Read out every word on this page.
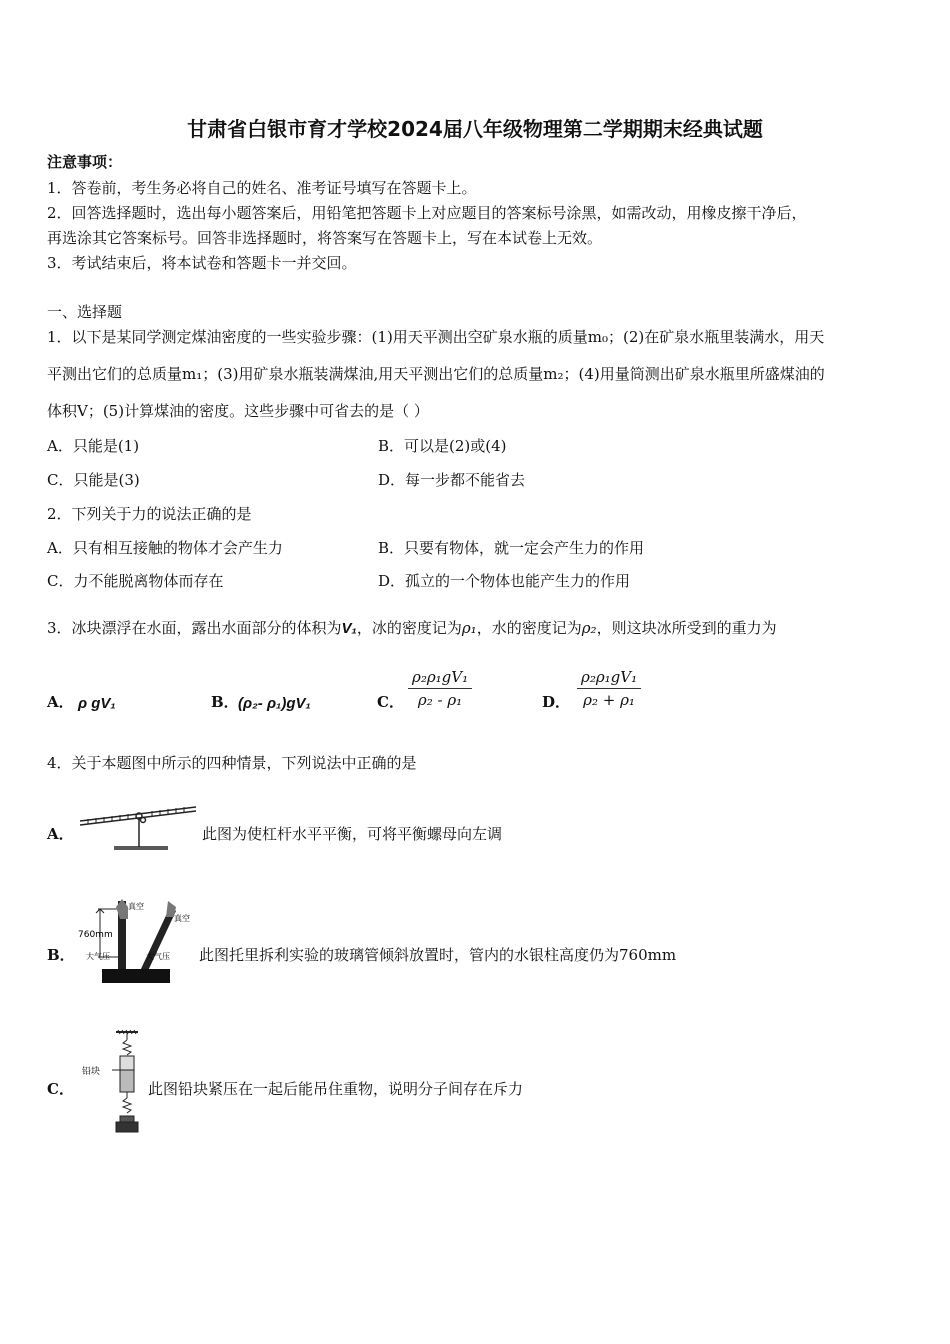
甘肃省白银市育才学校2024届八年级物理第二学期期末经典试题
注意事项：
1．答卷前，考生务必将自己的姓名、准考证号填写在答题卡上。
2．回答选择题时，选出每小题答案后，用铅笔把答题卡上对应题目的答案标号涂黑，如需改动，用橡皮擦干净后，
再选涂其它答案标号。回答非选择题时，将答案写在答题卡上，写在本试卷上无效。
3．考试结束后，将本试卷和答题卡一并交回。
一、选择题
1．以下是某同学测定煤油密度的一些实验步骤：(1)用天平测出空矿泉水瓶的质量m₀；(2)在矿泉水瓶里装满水，用天
平测出它们的总质量m₁；(3)用矿泉水瓶装满煤油,用天平测出它们的总质量m₂；(4)用量筒测出矿泉水瓶里所盛煤油的
体积V；(5)计算煤油的密度。这些步骤中可省去的是（ ）
A．只能是(1)	B．可以是(2)或(4)
C．只能是(3)	D．每一步都不能省去
2．下列关于力的说法正确的是
A．只有相互接触的物体才会产生力	B．只要有物体，就一定会产生力的作用
C．力不能脱离物体而存在	D．孤立的一个物体也能产生力的作用
3．冰块漂浮在水面，露出水面部分的体积为V₁，冰的密度记为ρ₁，水的密度记为ρ₂，则这块冰所受到的重力为
A． ρ gV₁	B． (ρ₂- ρ₁)gV₁	C． $\frac{\text{ρ₂ρ₁gV₁}}{\text{ρ₂ - ρ₁}}$	D． $\frac{\text{ρ₂ρ₁gV₁}}{\text{ρ₂ + ρ₁}}$
4．关于本题图中所示的四种情景，下列说法中正确的是
A．	此图为使杠杆水平平衡，可将平衡螺母向左调
B．
760mm
真空
真空
大气压	大气压 此图托里拆利实验的玻璃管倾斜放置时，管内的水银柱高度仍为760mm
C．
铅块
此图铅块紧压在一起后能吊住重物，说明分子间存在斥力
